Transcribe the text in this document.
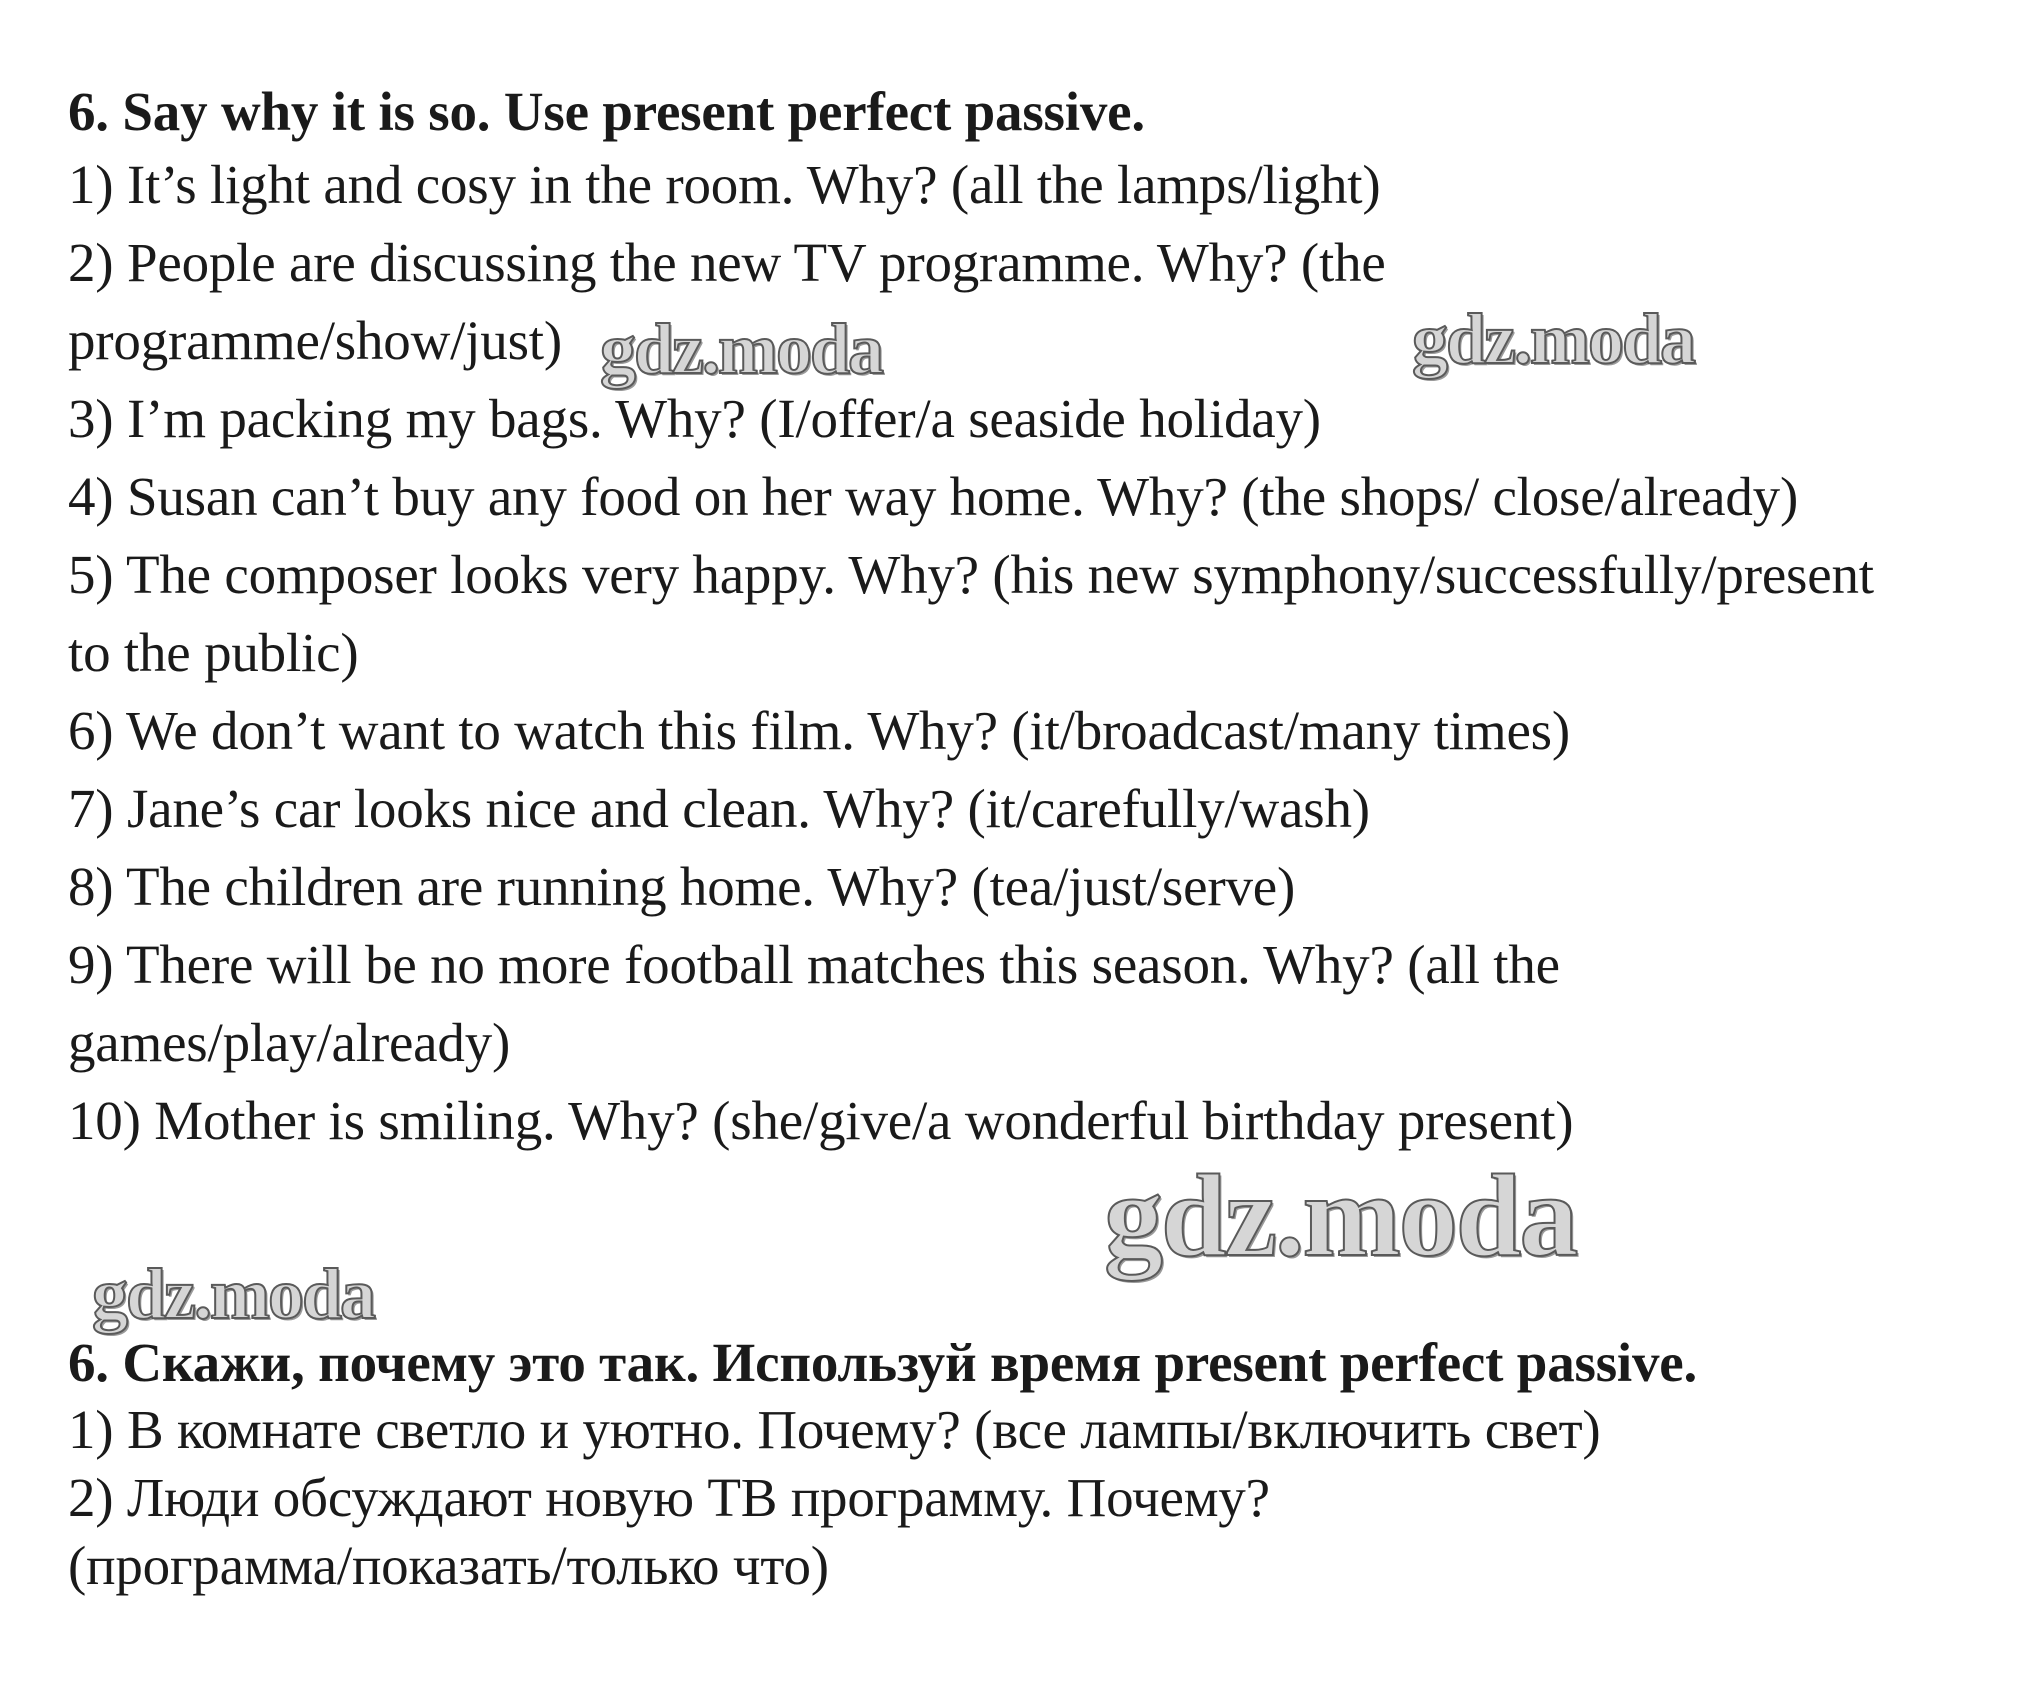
6. Say why it is so. Use present perfect passive.
1) It’s light and cosy in the room. Why? (all the lamps/light)
2) People are discussing the new TV programme. Why? (the
programme/show/just)
3) I’m packing my bags. Why? (I/offer/a seaside holiday)
4) Susan can’t buy any food on her way home. Why? (the shops/ close/already)
5) The composer looks very happy. Why? (his new symphony/successfully/present
to the public)
6) We don’t want to watch this film. Why? (it/broadcast/many times)
7) Jane’s car looks nice and clean. Why? (it/carefully/wash)
8) The children are running home. Why? (tea/just/serve)
9) There will be no more football matches this season. Why? (all the
games/play/already)
10) Mother is smiling. Why? (she/give/a wonderful birthday present)
6. Скажи, почему это так. Используй время present perfect passive.
1) В комнате светло и уютно. Почему? (все лампы/включить свет)
2) Люди обсуждают новую ТВ программу. Почему?
(программа/показать/только что)
gdz.moda	gdz.moda
gdz.moda
gdz.moda
